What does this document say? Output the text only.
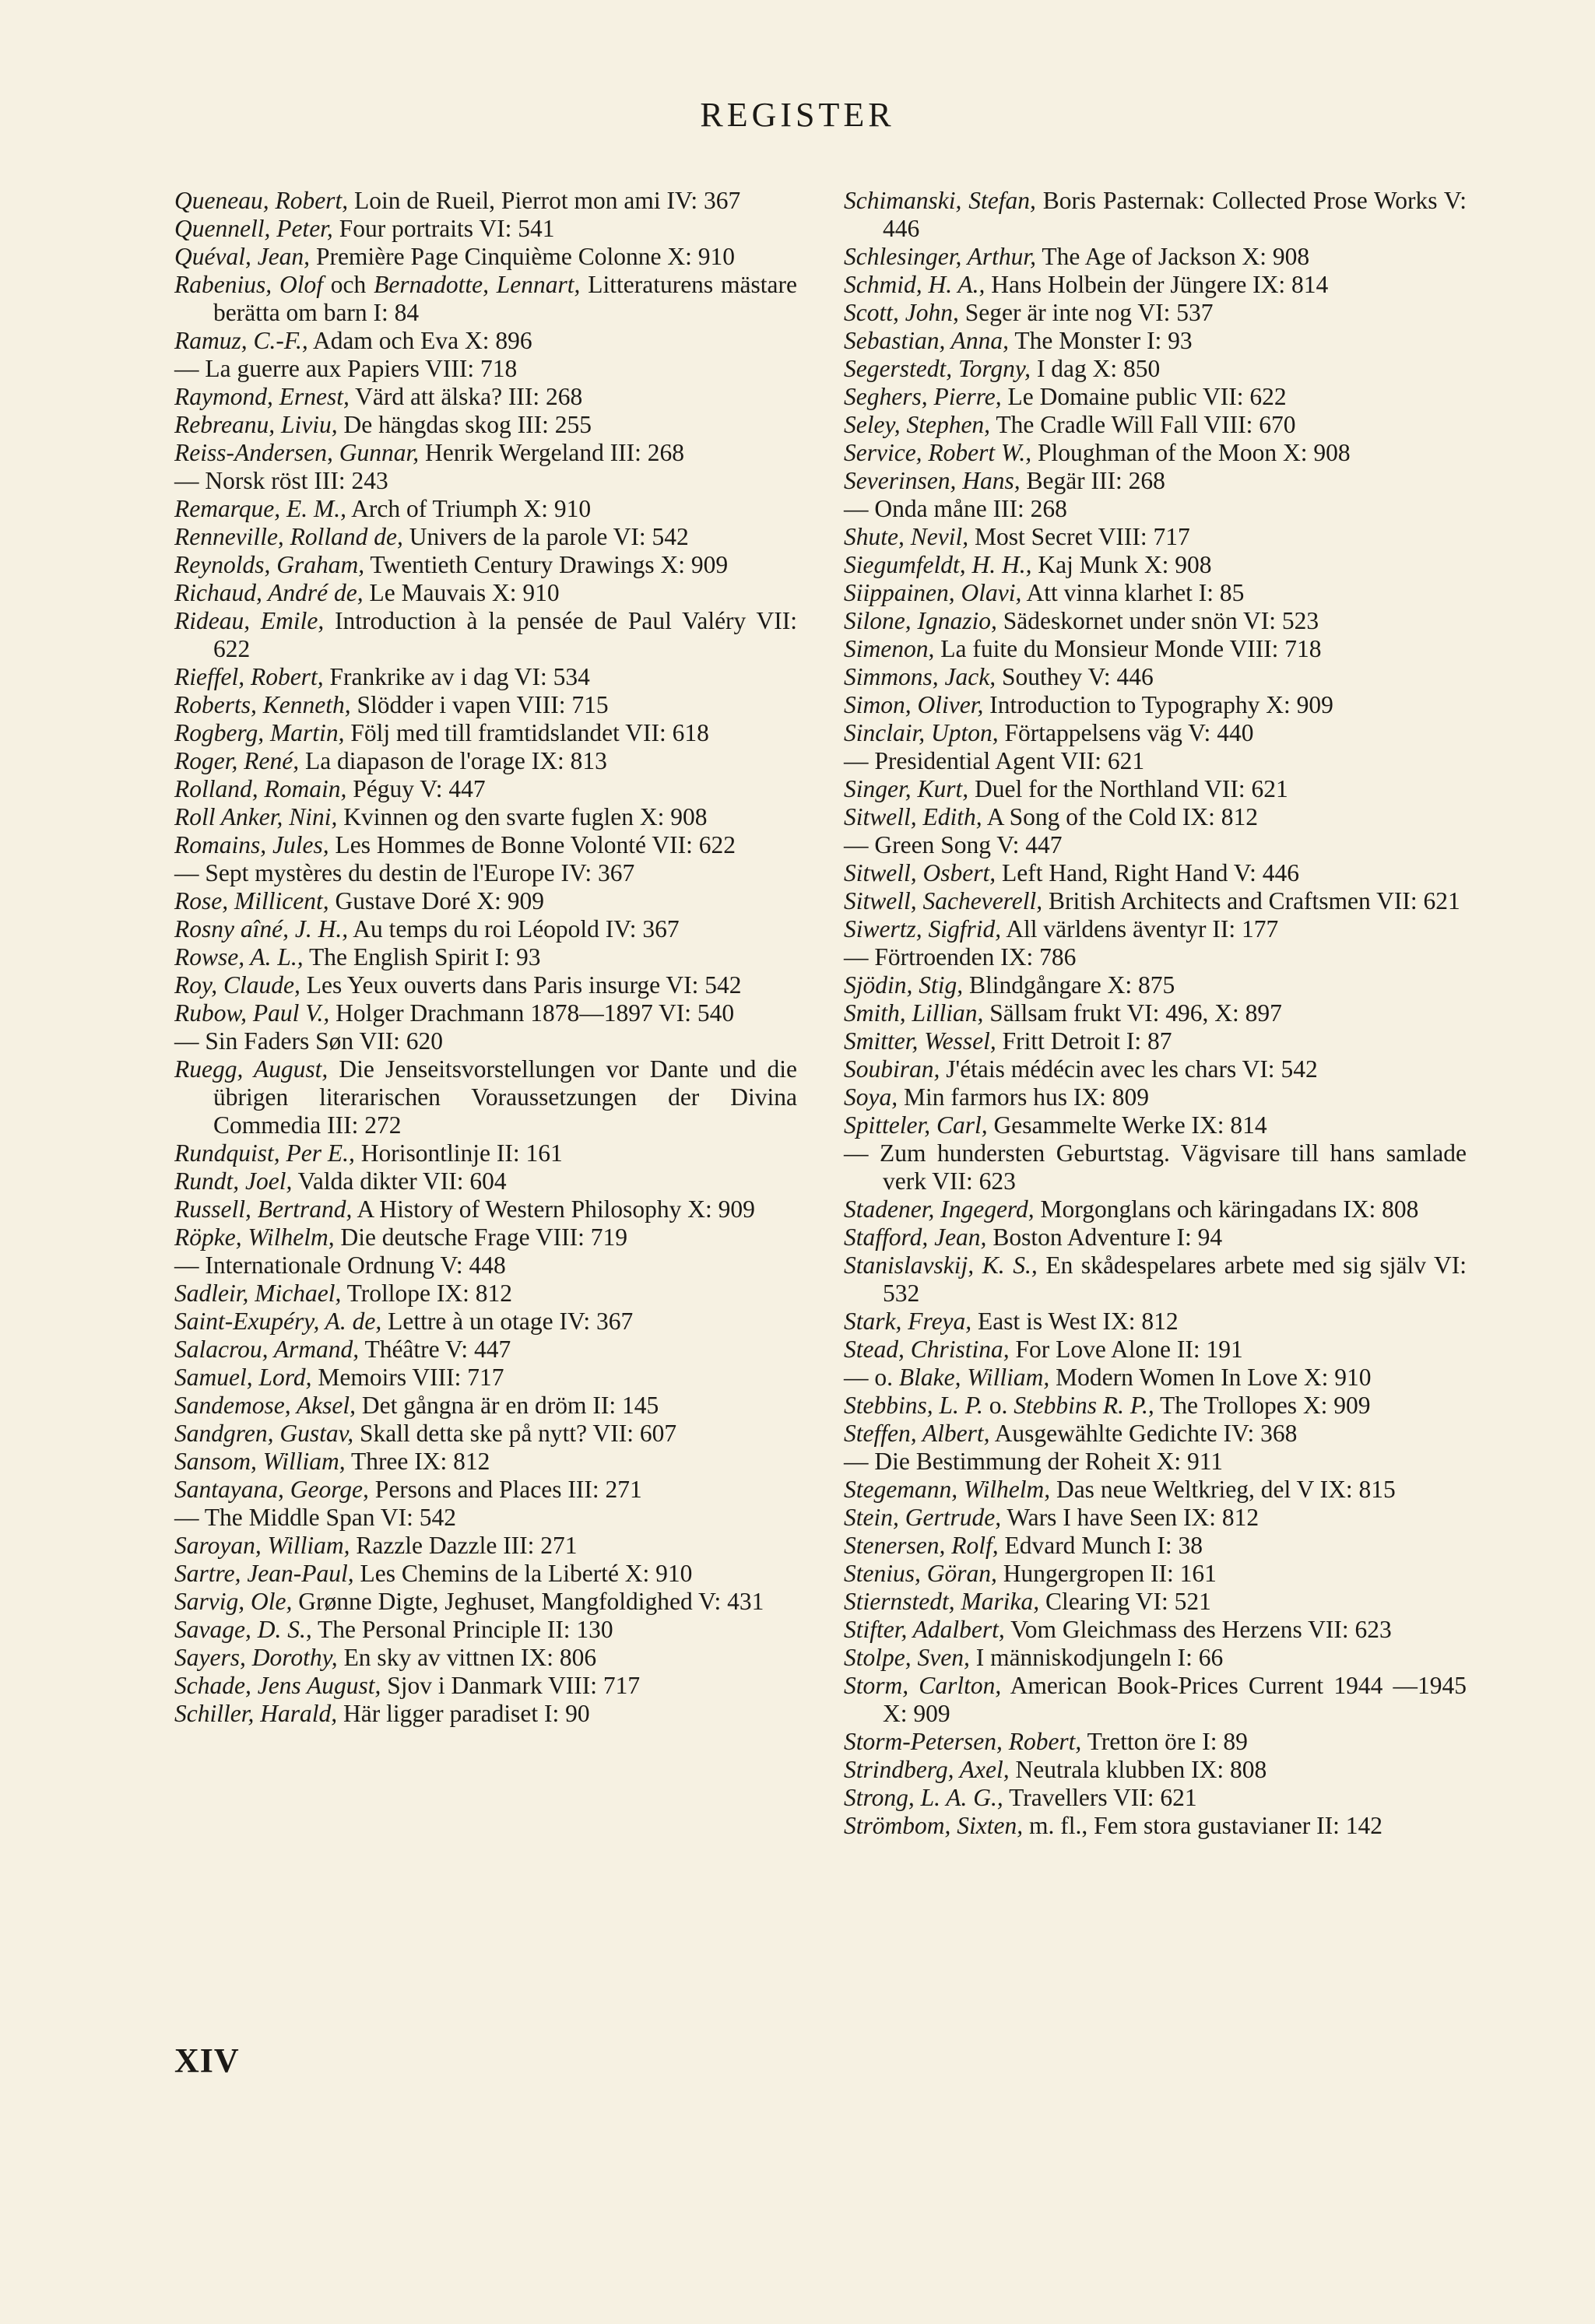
REGISTER
Queneau, Robert, Loin de Rueil, Pierrot mon ami IV: 367
Quennell, Peter, Four portraits VI: 541
Quéval, Jean, Première Page Cinquième Colonne X: 910
Rabenius, Olof och Bernadotte, Lennart, Litteraturens mästare berätta om barn I: 84
Ramuz, C.-F., Adam och Eva X: 896
— La guerre aux Papiers VIII: 718
Raymond, Ernest, Värd att älska? III: 268
Rebreanu, Liviu, De hängdas skog III: 255
Reiss-Andersen, Gunnar, Henrik Wergeland III: 268
— Norsk röst III: 243
Remarque, E. M., Arch of Triumph X: 910
Renneville, Rolland de, Univers de la parole VI: 542
Reynolds, Graham, Twentieth Century Drawings X: 909
Richaud, André de, Le Mauvais X: 910
Rideau, Emile, Introduction à la pensée de Paul Valéry VII: 622
Rieffel, Robert, Frankrike av i dag VI: 534
Roberts, Kenneth, Slödder i vapen VIII: 715
Rogberg, Martin, Följ med till framtidslandet VII: 618
Roger, René, La diapason de l'orage IX: 813
Rolland, Romain, Péguy V: 447
Roll Anker, Nini, Kvinnen og den svarte fuglen X: 908
Romains, Jules, Les Hommes de Bonne Volonté VII: 622
— Sept mystères du destin de l'Europe IV: 367
Rose, Millicent, Gustave Doré X: 909
Rosny aîné, J. H., Au temps du roi Léopold IV: 367
Rowse, A. L., The English Spirit I: 93
Roy, Claude, Les Yeux ouverts dans Paris insurge VI: 542
Rubow, Paul V., Holger Drachmann 1878—1897 VI: 540
— Sin Faders Søn VII: 620
Ruegg, August, Die Jenseitsvorstellungen vor Dante und die übrigen literarischen Voraussetzungen der Divina Commedia III: 272
Rundquist, Per E., Horisontlinje II: 161
Rundt, Joel, Valda dikter VII: 604
Russell, Bertrand, A History of Western Philosophy X: 909
Röpke, Wilhelm, Die deutsche Frage VIII: 719
— Internationale Ordnung V: 448
Sadleir, Michael, Trollope IX: 812
Saint-Exupéry, A. de, Lettre à un otage IV: 367
Salacrou, Armand, Théâtre V: 447
Samuel, Lord, Memoirs VIII: 717
Sandemose, Aksel, Det gångna är en dröm II: 145
Sandgren, Gustav, Skall detta ske på nytt? VII: 607
Sansom, William, Three IX: 812
Santayana, George, Persons and Places III: 271
— The Middle Span VI: 542
Saroyan, William, Razzle Dazzle III: 271
Sartre, Jean-Paul, Les Chemins de la Liberté X: 910
Sarvig, Ole, Grønne Digte, Jeghuset, Mangfoldighed V: 431
Savage, D. S., The Personal Principle II: 130
Sayers, Dorothy, En sky av vittnen IX: 806
Schade, Jens August, Sjov i Danmark VIII: 717
Schiller, Harald, Här ligger paradiset I: 90
Schimanski, Stefan, Boris Pasternak: Collected Prose Works V: 446
Schlesinger, Arthur, The Age of Jackson X: 908
Schmid, H. A., Hans Holbein der Jüngere IX: 814
Scott, John, Seger är inte nog VI: 537
Sebastian, Anna, The Monster I: 93
Segerstedt, Torgny, I dag X: 850
Seghers, Pierre, Le Domaine public VII: 622
Seley, Stephen, The Cradle Will Fall VIII: 670
Service, Robert W., Ploughman of the Moon X: 908
Severinsen, Hans, Begär III: 268
— Onda måne III: 268
Shute, Nevil, Most Secret VIII: 717
Siegumfeldt, H. H., Kaj Munk X: 908
Siippainen, Olavi, Att vinna klarhet I: 85
Silone, Ignazio, Sädeskornet under snön VI: 523
Simenon, La fuite du Monsieur Monde VIII: 718
Simmons, Jack, Southey V: 446
Simon, Oliver, Introduction to Typography X: 909
Sinclair, Upton, Förtappelsens väg V: 440
— Presidential Agent VII: 621
Singer, Kurt, Duel for the Northland VII: 621
Sitwell, Edith, A Song of the Cold IX: 812
— Green Song V: 447
Sitwell, Osbert, Left Hand, Right Hand V: 446
Sitwell, Sacheverell, British Architects and Craftsmen VII: 621
Siwertz, Sigfrid, All världens äventyr II: 177
— Förtroenden IX: 786
Sjödin, Stig, Blindgångare X: 875
Smith, Lillian, Sällsam frukt VI: 496, X: 897
Smitter, Wessel, Fritt Detroit I: 87
Soubiran, J'étais médécin avec les chars VI: 542
Soya, Min farmors hus IX: 809
Spitteler, Carl, Gesammelte Werke IX: 814
— Zum hundersten Geburtstag. Vägvisare till hans samlade verk VII: 623
Stadener, Ingegerd, Morgonglans och käringadans IX: 808
Stafford, Jean, Boston Adventure I: 94
Stanislavskij, K. S., En skådespelares arbete med sig själv VI: 532
Stark, Freya, East is West IX: 812
Stead, Christina, For Love Alone II: 191
— o. Blake, William, Modern Women In Love X: 910
Stebbins, L. P. o. Stebbins R. P., The Trollopes X: 909
Steffen, Albert, Ausgewählte Gedichte IV: 368
— Die Bestimmung der Roheit X: 911
Stegemann, Wilhelm, Das neue Weltkrieg, del V IX: 815
Stein, Gertrude, Wars I have Seen IX: 812
Stenersen, Rolf, Edvard Munch I: 38
Stenius, Göran, Hungergropen II: 161
Stiernstedt, Marika, Clearing VI: 521
Stifter, Adalbert, Vom Gleichmass des Herzens VII: 623
Stolpe, Sven, I människodjungeln I: 66
Storm, Carlton, American Book-Prices Current 1944 —1945 X: 909
Storm-Petersen, Robert, Tretton öre I: 89
Strindberg, Axel, Neutrala klubben IX: 808
Strong, L. A. G., Travellers VII: 621
Strömbom, Sixten, m. fl., Fem stora gustavianer II: 142
XIV
